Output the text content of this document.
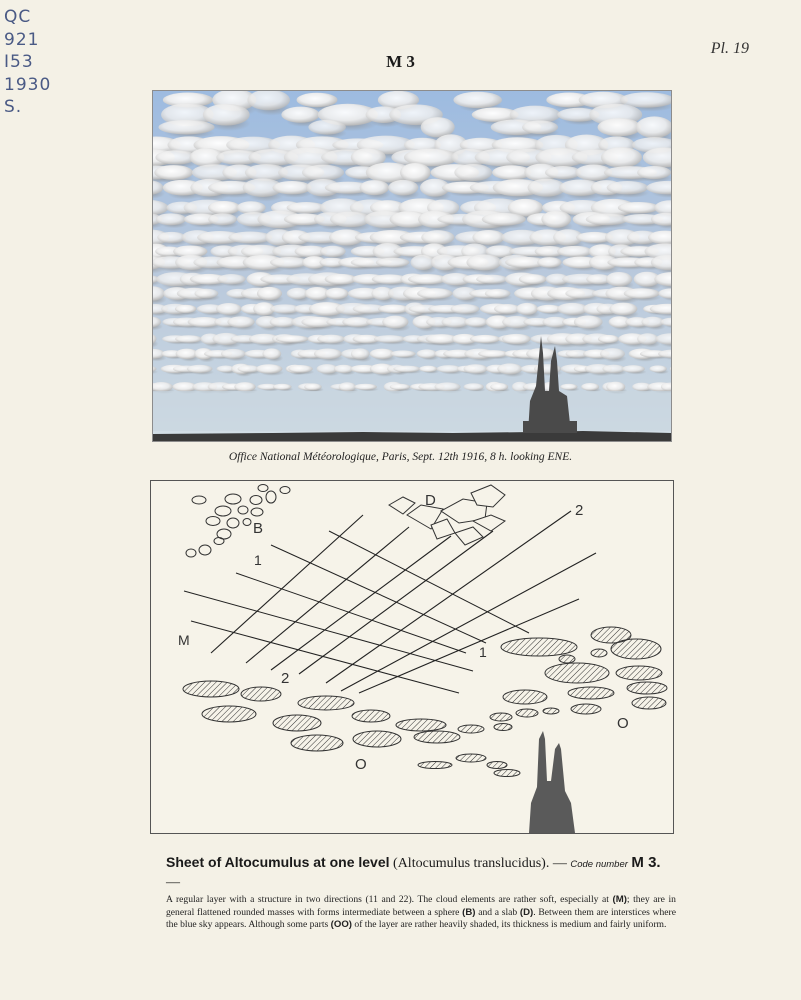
QC
921
I53
1930
S.
Pl. 19
M 3
Office National Météorologique, Paris, Sept. 12th 1916, 8 h. looking ENE.
D
B
1
2
M
1
2
O
O
Sheet of Altocumulus at one level (Altocumulus translucidus). — Code number M 3. —

A regular layer with a structure in two directions (11 and 22). The cloud elements are rather soft, especially at (M); they are in general flattened rounded masses with forms intermediate between a sphere (B) and a slab (D). Between them are interstices where the blue sky appears. Although some parts (OO) of the layer are rather heavily shaded, its thickness is medium and fairly uniform.
